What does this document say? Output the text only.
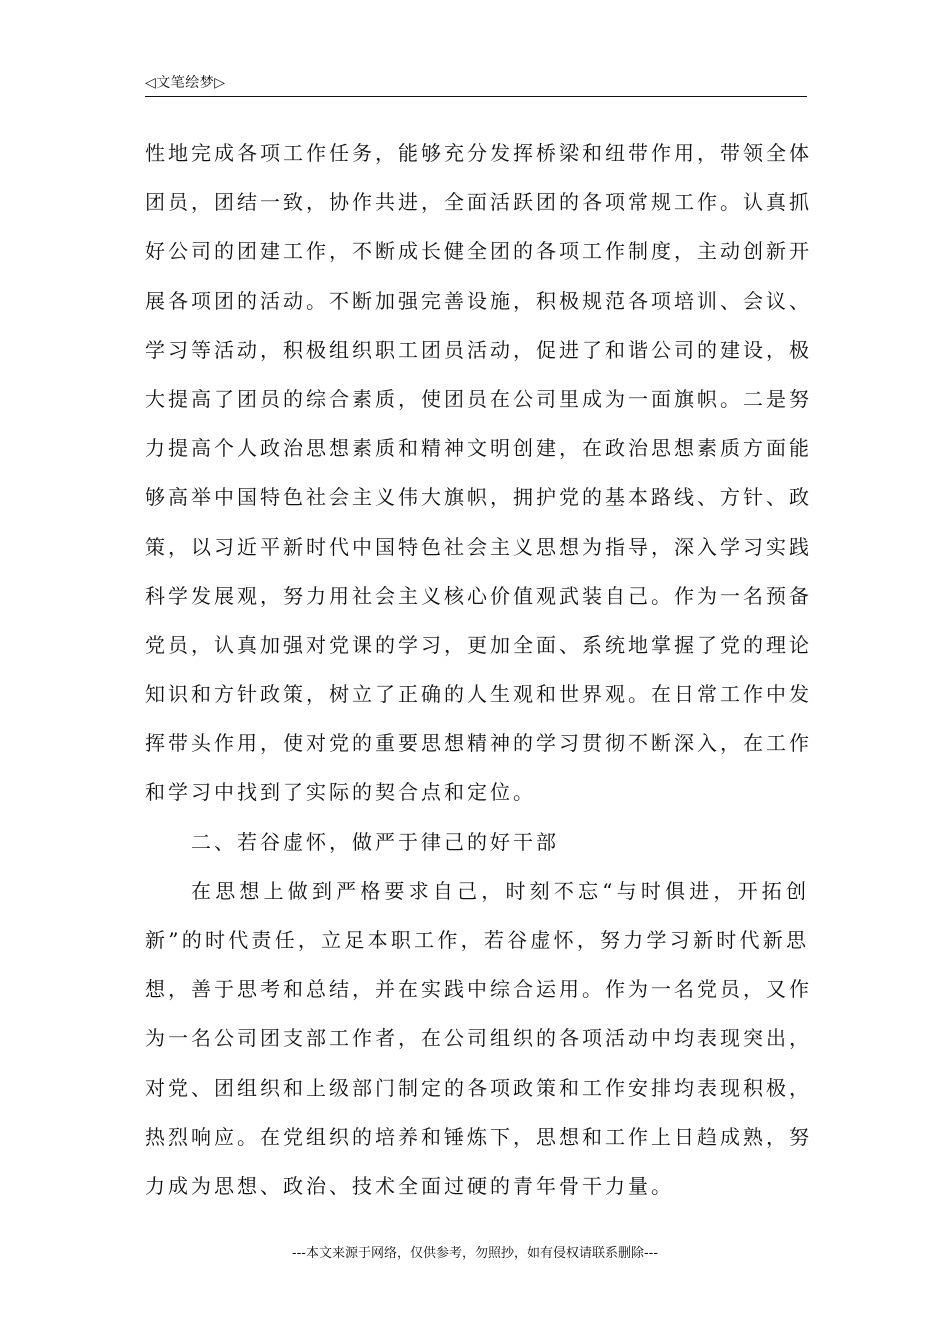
◁文笔绘梦▷
性地完成各项工作任务，能够充分发挥桥梁和纽带作用，带领全体
团员，团结一致，协作共进，全面活跃团的各项常规工作。认真抓
好公司的团建工作，不断成长健全团的各项工作制度，主动创新开
展各项团的活动。不断加强完善设施，积极规范各项培训、会议、
学习等活动，积极组织职工团员活动，促进了和谐公司的建设，极
大提高了团员的综合素质，使团员在公司里成为一面旗帜。二是努
力提高个人政治思想素质和精神文明创建，在政治思想素质方面能
够高举中国特色社会主义伟大旗帜，拥护党的基本路线、方针、政
策，以习近平新时代中国特色社会主义思想为指导，深入学习实践
科学发展观，努力用社会主义核心价值观武装自己。作为一名预备
党员，认真加强对党课的学习，更加全面、系统地掌握了党的理论
知识和方针政策，树立了正确的人生观和世界观。在日常工作中发
挥带头作用，使对党的重要思想精神的学习贯彻不断深入，在工作
和学习中找到了实际的契合点和定位。
二、若谷虚怀，做严于律己的好干部
在思想上做到严格要求自己，时刻不忘“与时俱进，开拓创
新”的时代责任，立足本职工作，若谷虚怀，努力学习新时代新思
想，善于思考和总结，并在实践中综合运用。作为一名党员，又作
为一名公司团支部工作者，在公司组织的各项活动中均表现突出，
对党、团组织和上级部门制定的各项政策和工作安排均表现积极，
热烈响应。在党组织的培养和锤炼下，思想和工作上日趋成熟，努
力成为思想、政治、技术全面过硬的青年骨干力量。
---本文来源于网络，仅供参考，勿照抄，如有侵权请联系删除---
